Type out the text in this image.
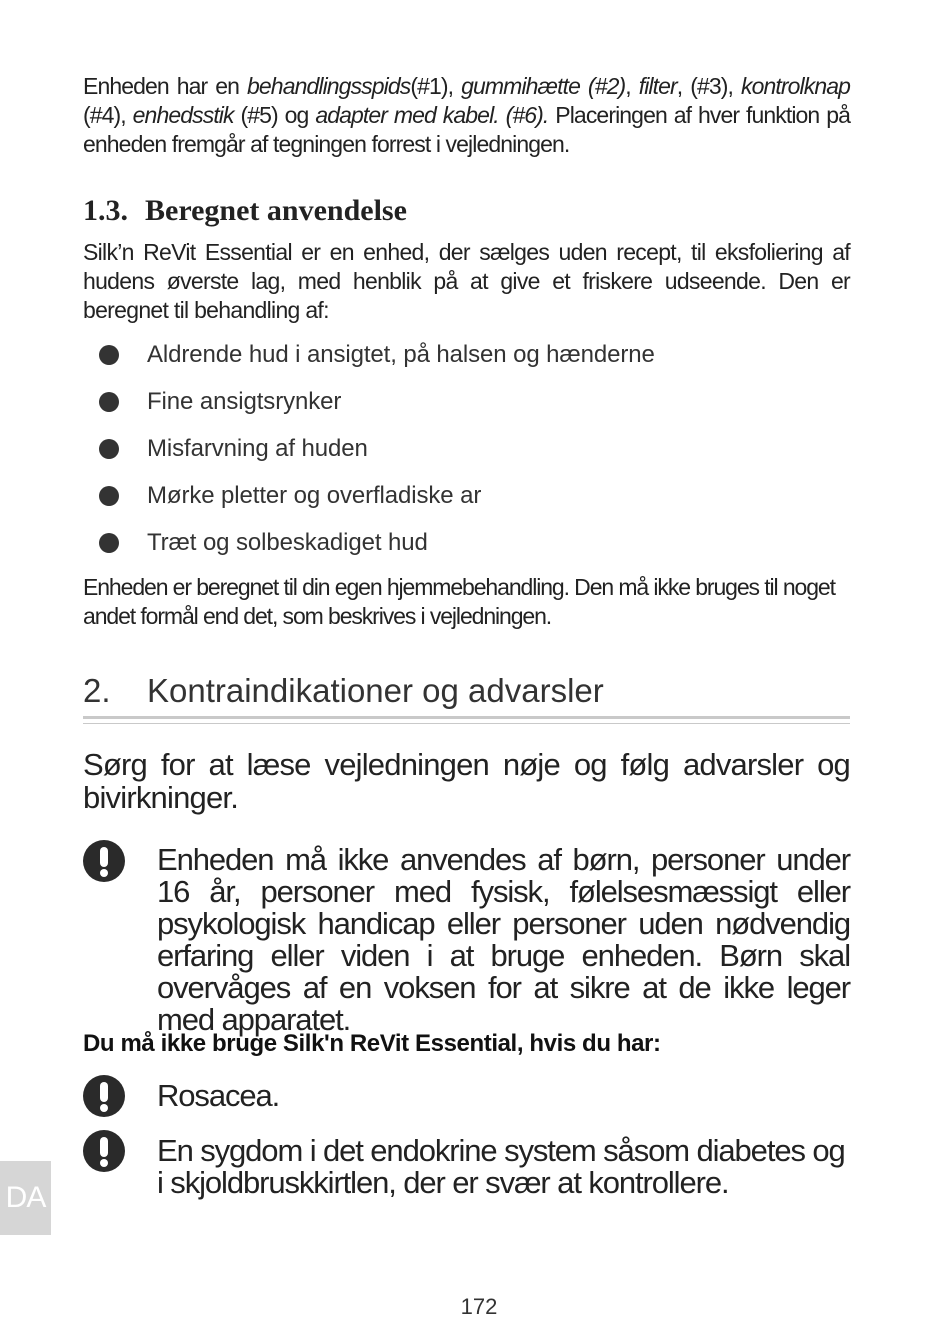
Enheden har en behandlingsspids(#1), gummihætte (#2), filter, (#3), kontrolknap (#4), enhedsstik (#5) og adapter med kabel. (#6). Placeringen af hver funktion på enheden fremgår af tegningen forrest i vejledningen.
1.3. Beregnet anvendelse
Silk’n ReVit Essential er en enhed, der sælges uden recept, til eksfoliering af hudens øverste lag, med henblik på at give et friskere udseende. Den er beregnet til behandling af:
Aldrende hud i ansigtet, på halsen og hænderne
Fine ansigtsrynker
Misfarvning af huden
Mørke pletter og overfladiske ar
Træt og solbeskadiget hud
Enheden er beregnet til din egen hjemmebehandling. Den må ikke bruges til noget andet formål end det, som beskrives i vejledningen.
2. Kontraindikationer og advarsler
Sørg for at læse vejledningen nøje og følg advarsler og bivirkninger.
Enheden må ikke anvendes af børn, personer under 16 år, personer med fysisk, følelsesmæssigt eller psykologisk handicap eller personer uden nødvendig erfaring eller viden i at bruge enheden. Børn skal overvåges af en voksen for at sikre at de ikke leger med apparatet.

Du må ikke bruge Silk'n ReVit Essential, hvis du har:

Rosacea.
En sygdom i det endokrine system såsom diabetes og i skjoldbruskkirtlen, der er svær at kontrollere.
DA
172
